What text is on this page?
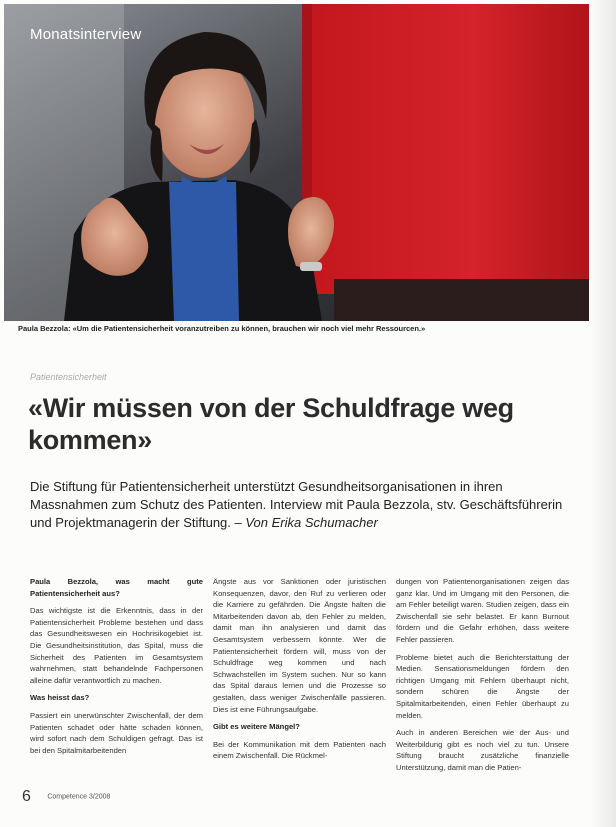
Monatsinterview
Paula Bezzola: «Um die Patientensicherheit voranzutreiben zu können, brauchen wir noch viel mehr Ressourcen.»
Patientensicherheit
«Wir müssen von der Schuldfrage weg kommen»
Die Stiftung für Patientensicherheit unterstützt Gesundheitsorganisationen in ihren Massnahmen zum Schutz des Patienten. Interview mit Paula Bezzola, stv. Geschäftsführerin und Projektmanagerin der Stiftung. – Von Erika Schumacher

Paula Bezzola, was macht gute Patientensicherheit aus?

Das wichtigste ist die Erkenntnis, dass in der Patientensicherheit Probleme bestehen und dass das Gesundheitswesen ein Hochrisikogebiet ist. Die Gesundheitsinstitution, das Spital, muss die Sicherheit des Patienten im Gesamtsystem wahrnehmen, statt behandelnde Fachpersonen alleine dafür verantwortlich zu machen.

Was heisst das?

Passiert ein unerwünschter Zwischenfall, der dem Patienten schadet oder hätte schaden können, wird sofort nach dem Schuldigen gefragt. Das ist bei den Spitalmitarbeitenden

Ängste aus vor Sanktionen oder juristischen Konsequenzen, davor, den Ruf zu verlieren oder die Karriere zu gefährden. Die Ängste halten die Mitarbeitenden davon ab, den Fehler zu melden, damit man ihn analysieren und damit das Gesamtsystem verbessern könnte. Wer die Patientensicherheit fördern will, muss von der Schuldfrage weg kommen und nach Schwachstellen im System suchen. Nur so kann das Spital daraus lernen und die Prozesse so gestalten, dass weniger Zwischenfälle passieren. Dies ist eine Führungsaufgabe.

Gibt es weitere Mängel?

Bei der Kommunikation mit dem Patienten nach einem Zwischenfall. Die Rückmel-

dungen von Patientenorganisationen zeigen das ganz klar. Und im Umgang mit den Personen, die am Fehler beteiligt waren. Studien zeigen, dass ein Zwischenfall sie sehr belastet. Er kann Burnout fördern und die Gefahr erhöhen, dass weitere Fehler passieren.

Probleme bietet auch die Berichterstattung der Medien. Sensationsmeldungen fördern den richtigen Umgang mit Fehlern überhaupt nicht, sondern schüren die Ängste der Spitalmitarbeitenden, einen Fehler überhaupt zu melden.

Auch in anderen Bereichen wie der Aus- und Weiterbildung gibt es noch viel zu tun. Unsere Stiftung braucht zusätzliche finanzielle Unterstützung, damit man die Patien-

6 Competence 3/2008
